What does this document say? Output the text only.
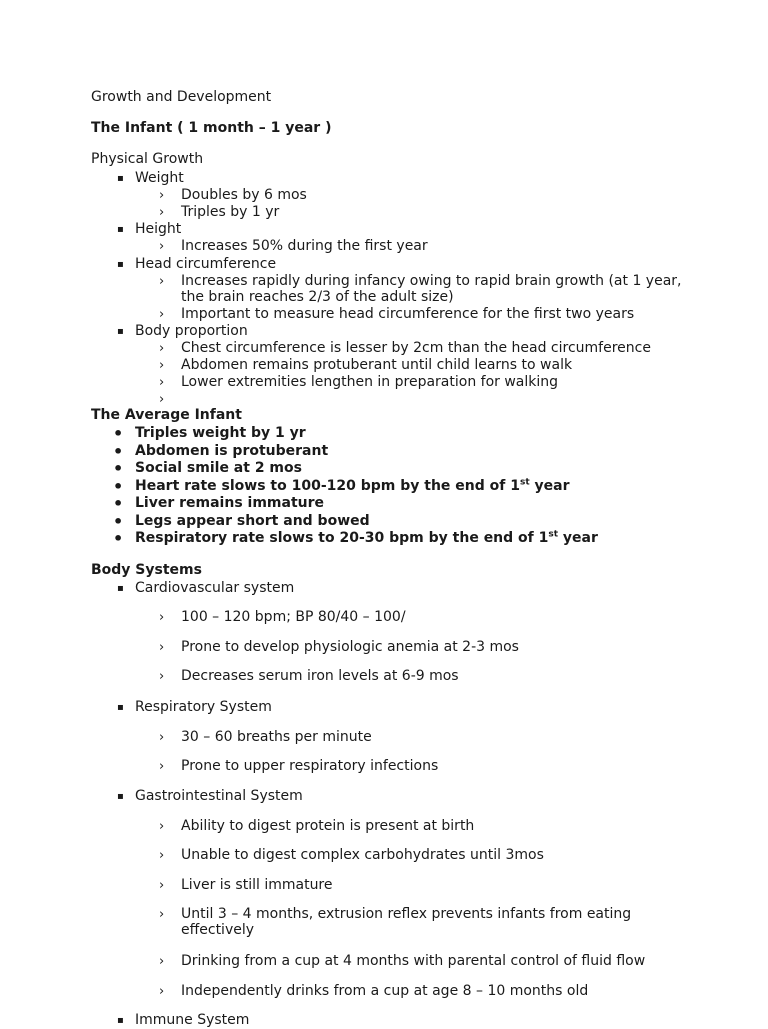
Growth and Development
The Infant ( 1 month – 1 year )
Physical Growth
▪ Weight
› Doubles by 6 mos
› Triples by 1 yr
▪ Height
› Increases 50% during the first year
▪ Head circumference
› Increases rapidly during infancy owing to rapid brain growth (at 1 year,
the brain reaches 2/3 of the adult size)
› Important to measure head circumference for the first two years
▪ Body proportion
› Chest circumference is lesser by 2cm than the head circumference
› Abdomen remains protuberant until child learns to walk
› Lower extremities lengthen in preparation for walking
›
The Average Infant
• Triples weight by 1 yr
• Abdomen is protuberant
• Social smile at 2 mos
• Heart rate slows to 100-120 bpm by the end of 1st year
• Liver remains immature
• Legs appear short and bowed
• Respiratory rate slows to 20-30 bpm by the end of 1st year
Body Systems
▪ Cardiovascular system
› 100 – 120 bpm; BP 80/40 – 100/
› Prone to develop physiologic anemia at 2-3 mos
› Decreases serum iron levels at 6-9 mos
▪ Respiratory System
› 30 – 60 breaths per minute
› Prone to upper respiratory infections
▪ Gastrointestinal System
› Ability to digest protein is present at birth
› Unable to digest complex carbohydrates until 3mos
› Liver is still immature
› Until 3 – 4 months, extrusion reflex prevents infants from eating
effectively
› Drinking from a cup at 4 months with parental control of fluid flow
› Independently drinks from a cup at age 8 – 10 months old
▪ Immune System
